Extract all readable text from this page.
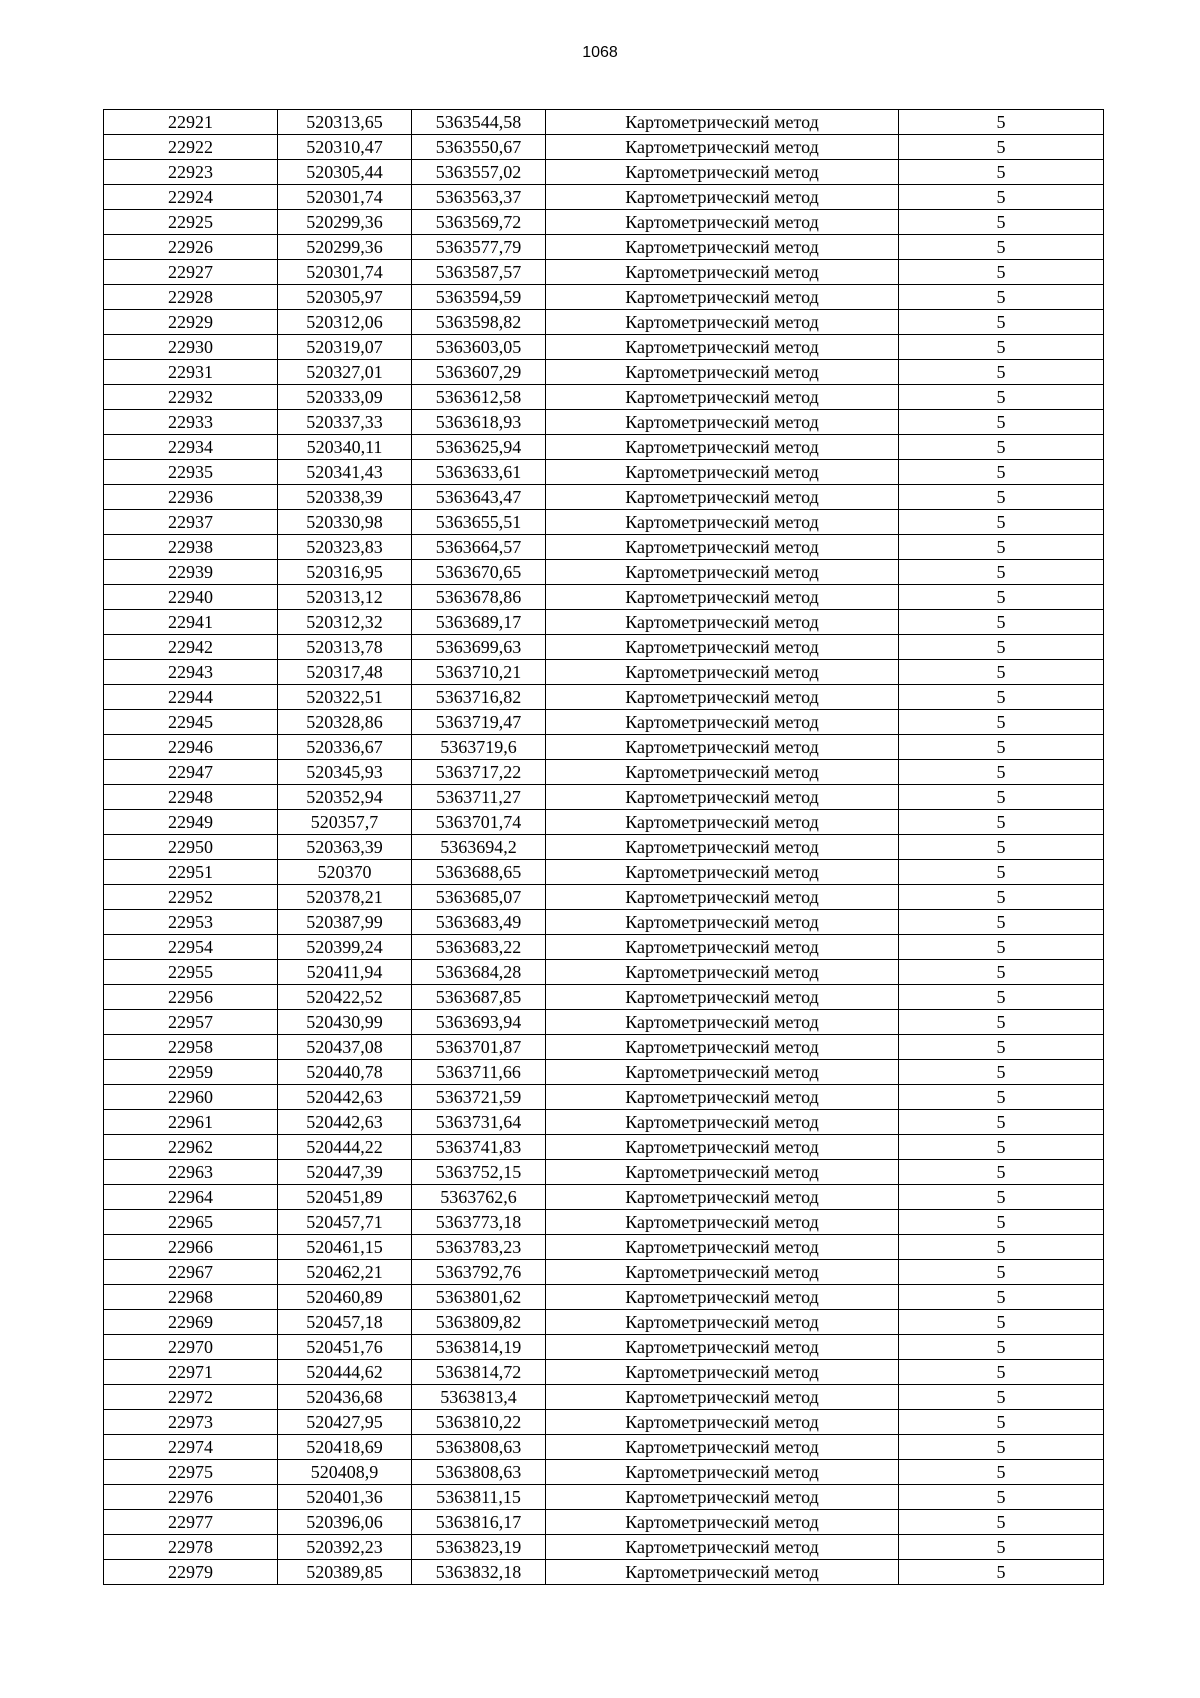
1068
22921	520313,65	5363544,58	Картометрический метод	5
22922	520310,47	5363550,67	Картометрический метод	5
22923	520305,44	5363557,02	Картометрический метод	5
22924	520301,74	5363563,37	Картометрический метод	5
22925	520299,36	5363569,72	Картометрический метод	5
22926	520299,36	5363577,79	Картометрический метод	5
22927	520301,74	5363587,57	Картометрический метод	5
22928	520305,97	5363594,59	Картометрический метод	5
22929	520312,06	5363598,82	Картометрический метод	5
22930	520319,07	5363603,05	Картометрический метод	5
22931	520327,01	5363607,29	Картометрический метод	5
22932	520333,09	5363612,58	Картометрический метод	5
22933	520337,33	5363618,93	Картометрический метод	5
22934	520340,11	5363625,94	Картометрический метод	5
22935	520341,43	5363633,61	Картометрический метод	5
22936	520338,39	5363643,47	Картометрический метод	5
22937	520330,98	5363655,51	Картометрический метод	5
22938	520323,83	5363664,57	Картометрический метод	5
22939	520316,95	5363670,65	Картометрический метод	5
22940	520313,12	5363678,86	Картометрический метод	5
22941	520312,32	5363689,17	Картометрический метод	5
22942	520313,78	5363699,63	Картометрический метод	5
22943	520317,48	5363710,21	Картометрический метод	5
22944	520322,51	5363716,82	Картометрический метод	5
22945	520328,86	5363719,47	Картометрический метод	5
22946	520336,67	5363719,6	Картометрический метод	5
22947	520345,93	5363717,22	Картометрический метод	5
22948	520352,94	5363711,27	Картометрический метод	5
22949	520357,7	5363701,74	Картометрический метод	5
22950	520363,39	5363694,2	Картометрический метод	5
22951	520370	5363688,65	Картометрический метод	5
22952	520378,21	5363685,07	Картометрический метод	5
22953	520387,99	5363683,49	Картометрический метод	5
22954	520399,24	5363683,22	Картометрический метод	5
22955	520411,94	5363684,28	Картометрический метод	5
22956	520422,52	5363687,85	Картометрический метод	5
22957	520430,99	5363693,94	Картометрический метод	5
22958	520437,08	5363701,87	Картометрический метод	5
22959	520440,78	5363711,66	Картометрический метод	5
22960	520442,63	5363721,59	Картометрический метод	5
22961	520442,63	5363731,64	Картометрический метод	5
22962	520444,22	5363741,83	Картометрический метод	5
22963	520447,39	5363752,15	Картометрический метод	5
22964	520451,89	5363762,6	Картометрический метод	5
22965	520457,71	5363773,18	Картометрический метод	5
22966	520461,15	5363783,23	Картометрический метод	5
22967	520462,21	5363792,76	Картометрический метод	5
22968	520460,89	5363801,62	Картометрический метод	5
22969	520457,18	5363809,82	Картометрический метод	5
22970	520451,76	5363814,19	Картометрический метод	5
22971	520444,62	5363814,72	Картометрический метод	5
22972	520436,68	5363813,4	Картометрический метод	5
22973	520427,95	5363810,22	Картометрический метод	5
22974	520418,69	5363808,63	Картометрический метод	5
22975	520408,9	5363808,63	Картометрический метод	5
22976	520401,36	5363811,15	Картометрический метод	5
22977	520396,06	5363816,17	Картометрический метод	5
22978	520392,23	5363823,19	Картометрический метод	5
22979	520389,85	5363832,18	Картометрический метод	5
